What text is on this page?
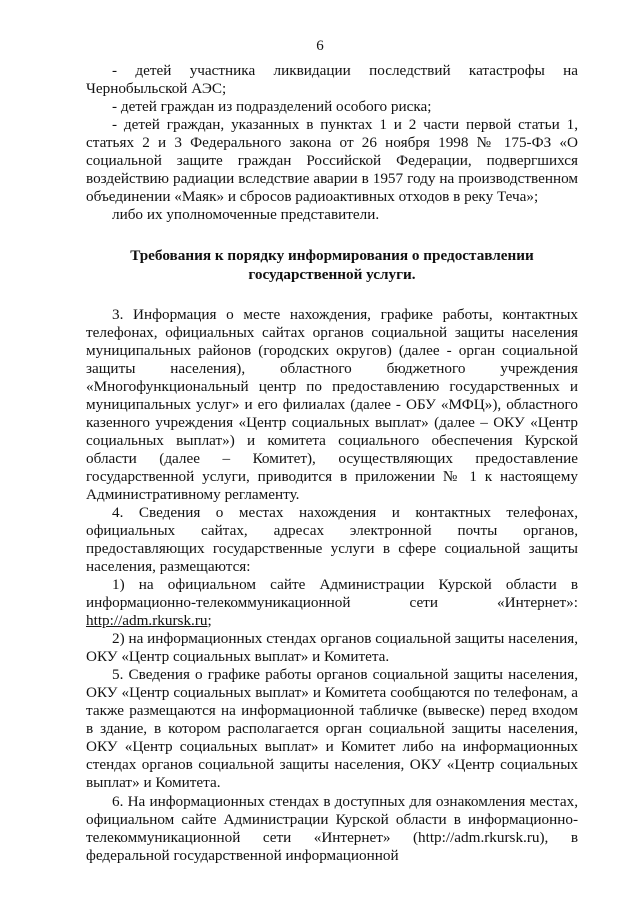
6

- детей участника ликвидации последствий катастрофы на Чернобыльской АЭС;

- детей граждан из подразделений особого риска;

- детей граждан, указанных в пунктах 1 и 2 части первой статьи 1, статьях 2 и 3 Федерального закона от 26 ноября 1998 № 175-ФЗ «О социальной защите граждан Российской Федерации, подвергшихся воздействию радиации вследствие аварии в 1957 году на производственном объединении «Маяк» и сбросов радиоактивных отходов в реку Теча»;

либо их уполномоченные представители.

Требования к порядку информирования о предоставлении
государственной услуги.

3. Информация о месте нахождения, графике работы, контактных телефонах, официальных сайтах органов социальной защиты населения муниципальных районов (городских округов) (далее - орган социальной защиты населения), областного бюджетного учреждения «Многофункциональный центр по предоставлению государственных и муниципальных услуг» и его филиалах (далее - ОБУ «МФЦ»), областного казенного учреждения «Центр социальных выплат» (далее – ОКУ «Центр социальных выплат») и комитета социального обеспечения Курской области (далее – Комитет), осуществляющих предоставление государственной услуги, приводится в приложении № 1 к настоящему Административному регламенту.

4. Сведения о местах нахождения и контактных телефонах, официальных сайтах, адресах электронной почты органов, предоставляющих государственные услуги в сфере социальной защиты населения, размещаются:

1) на официальном сайте Администрации Курской области в информационно-телекоммуникационной сети «Интернет»: http://adm.rkursk.ru;

2) на информационных стендах органов социальной защиты населения, ОКУ «Центр социальных выплат» и Комитета.

5. Сведения о графике работы органов социальной защиты населения, ОКУ «Центр социальных выплат» и Комитета сообщаются по телефонам, а также размещаются на информационной табличке (вывеске) перед входом в здание, в котором располагается орган социальной защиты населения, ОКУ «Центр социальных выплат» и Комитет либо на информационных стендах органов социальной защиты населения, ОКУ «Центр социальных выплат» и Комитета.

6. На информационных стендах в доступных для ознакомления местах, официальном сайте Администрации Курской области в информационно-телекоммуникационной сети «Интернет» (http://adm.rkursk.ru), в федеральной государственной информационной
